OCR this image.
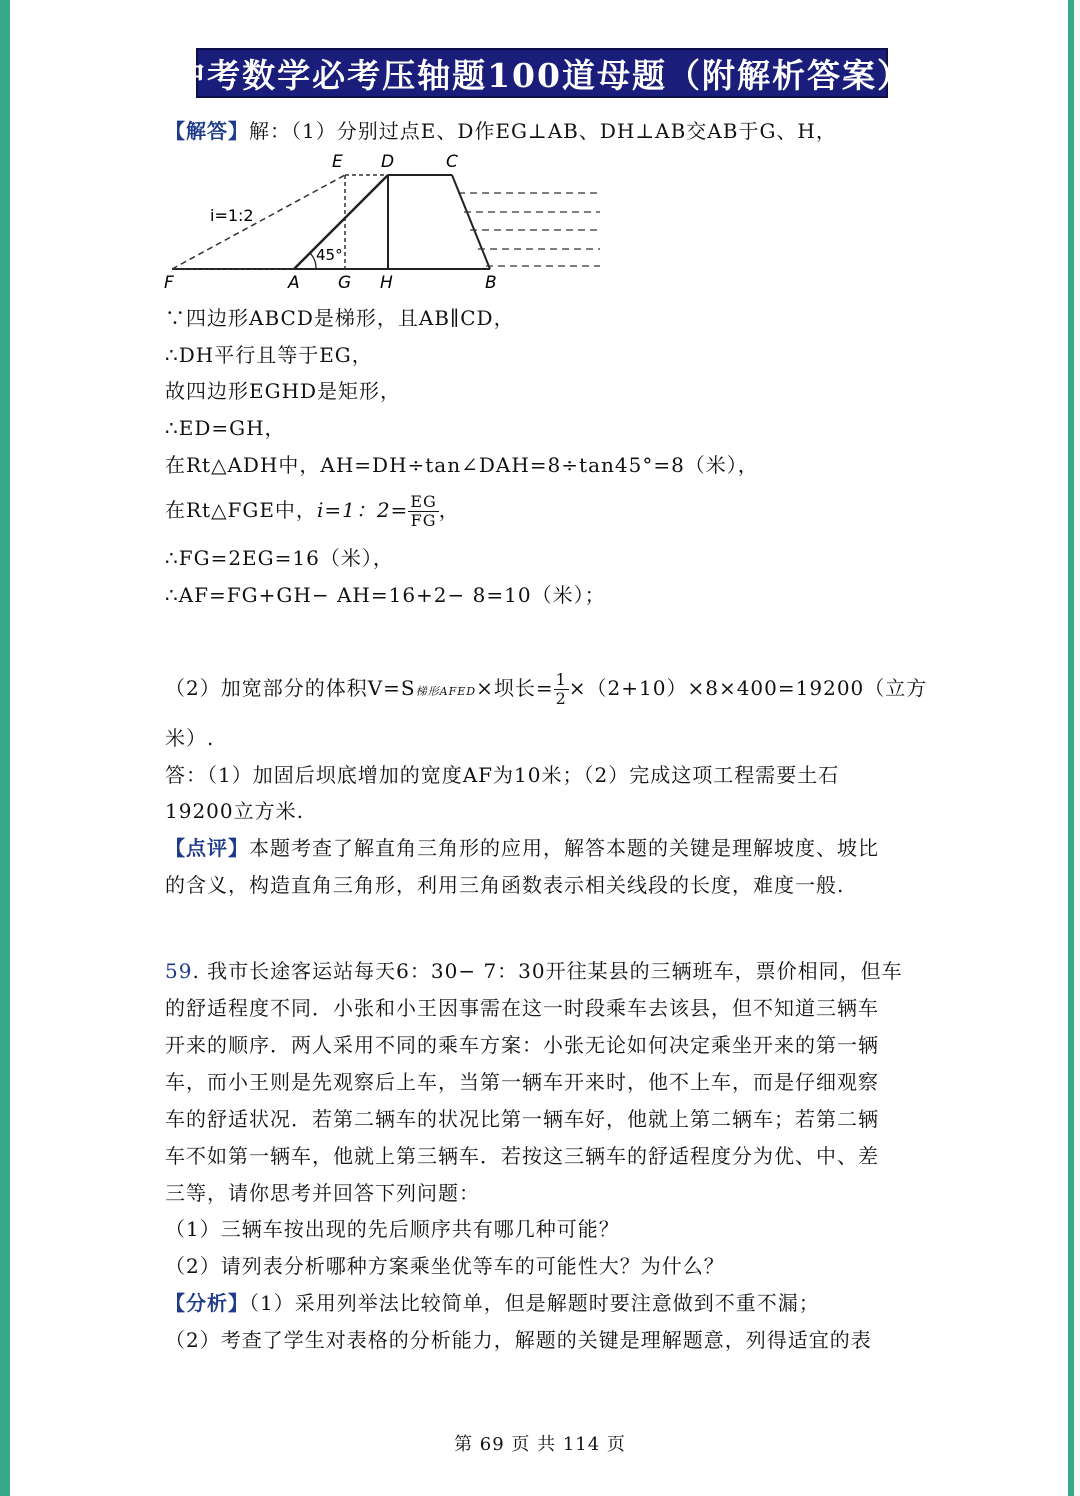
中考数学必考压轴题100道母题（附解析答案）
【解答】解：（1）分别过点E、D作EG⊥AB、DH⊥AB交AB于G、H，
E D	C
F	A G H	B
i=1:2
45°
∵四边形ABCD是梯形，且AB∥CD，
∴DH平行且等于EG，
故四边形EGHD是矩形，
∴ED=GH，
在Rt△ADH中，AH=DH÷tan∠DAH=8÷tan45°=8（米），
在Rt△FGE中，i=1：$2= \frac{EG}{FG}$ ，
∴FG=2EG=16（米），
∴AF=FG+GH− AH=16+2− 8=10（米）；
（2）加宽部分的体积V=S梯形AFED×坝长= $\frac{1}{2} \times(2+10)\times 8\times 400=19200$（立方
米）.
答：（1）加固后坝底增加的宽度AF为10米；（2）完成这项工程需要土石
19200立方米.
【点评】本题考查了解直角三角形的应用，解答本题的关键是理解坡度、坡比
的含义，构造直角三角形，利用三角函数表示相关线段的长度，难度一般.
59. 我市长途客运站每天6：30− 7：30开往某县的三辆班车，票价相同，但车
的舒适程度不同．小张和小王因事需在这一时段乘车去该县，但不知道三辆车
开来的顺序．两人采用不同的乘车方案：小张无论如何决定乘坐开来的第一辆
车，而小王则是先观察后上车，当第一辆车开来时，他不上车，而是仔细观察
车的舒适状况．若第二辆车的状况比第一辆车好，他就上第二辆车；若第二辆
车不如第一辆车，他就上第三辆车．若按这三辆车的舒适程度分为优、中、差
三等，请你思考并回答下列问题：
（1）三辆车按出现的先后顺序共有哪几种可能？
（2）请列表分析哪种方案乘坐优等车的可能性大？为什么？
【分析】（1）采用列举法比较简单，但是解题时要注意做到不重不漏；
（2）考查了学生对表格的分析能力，解题的关键是理解题意，列得适宜的表
第 69 页 共 114 页
